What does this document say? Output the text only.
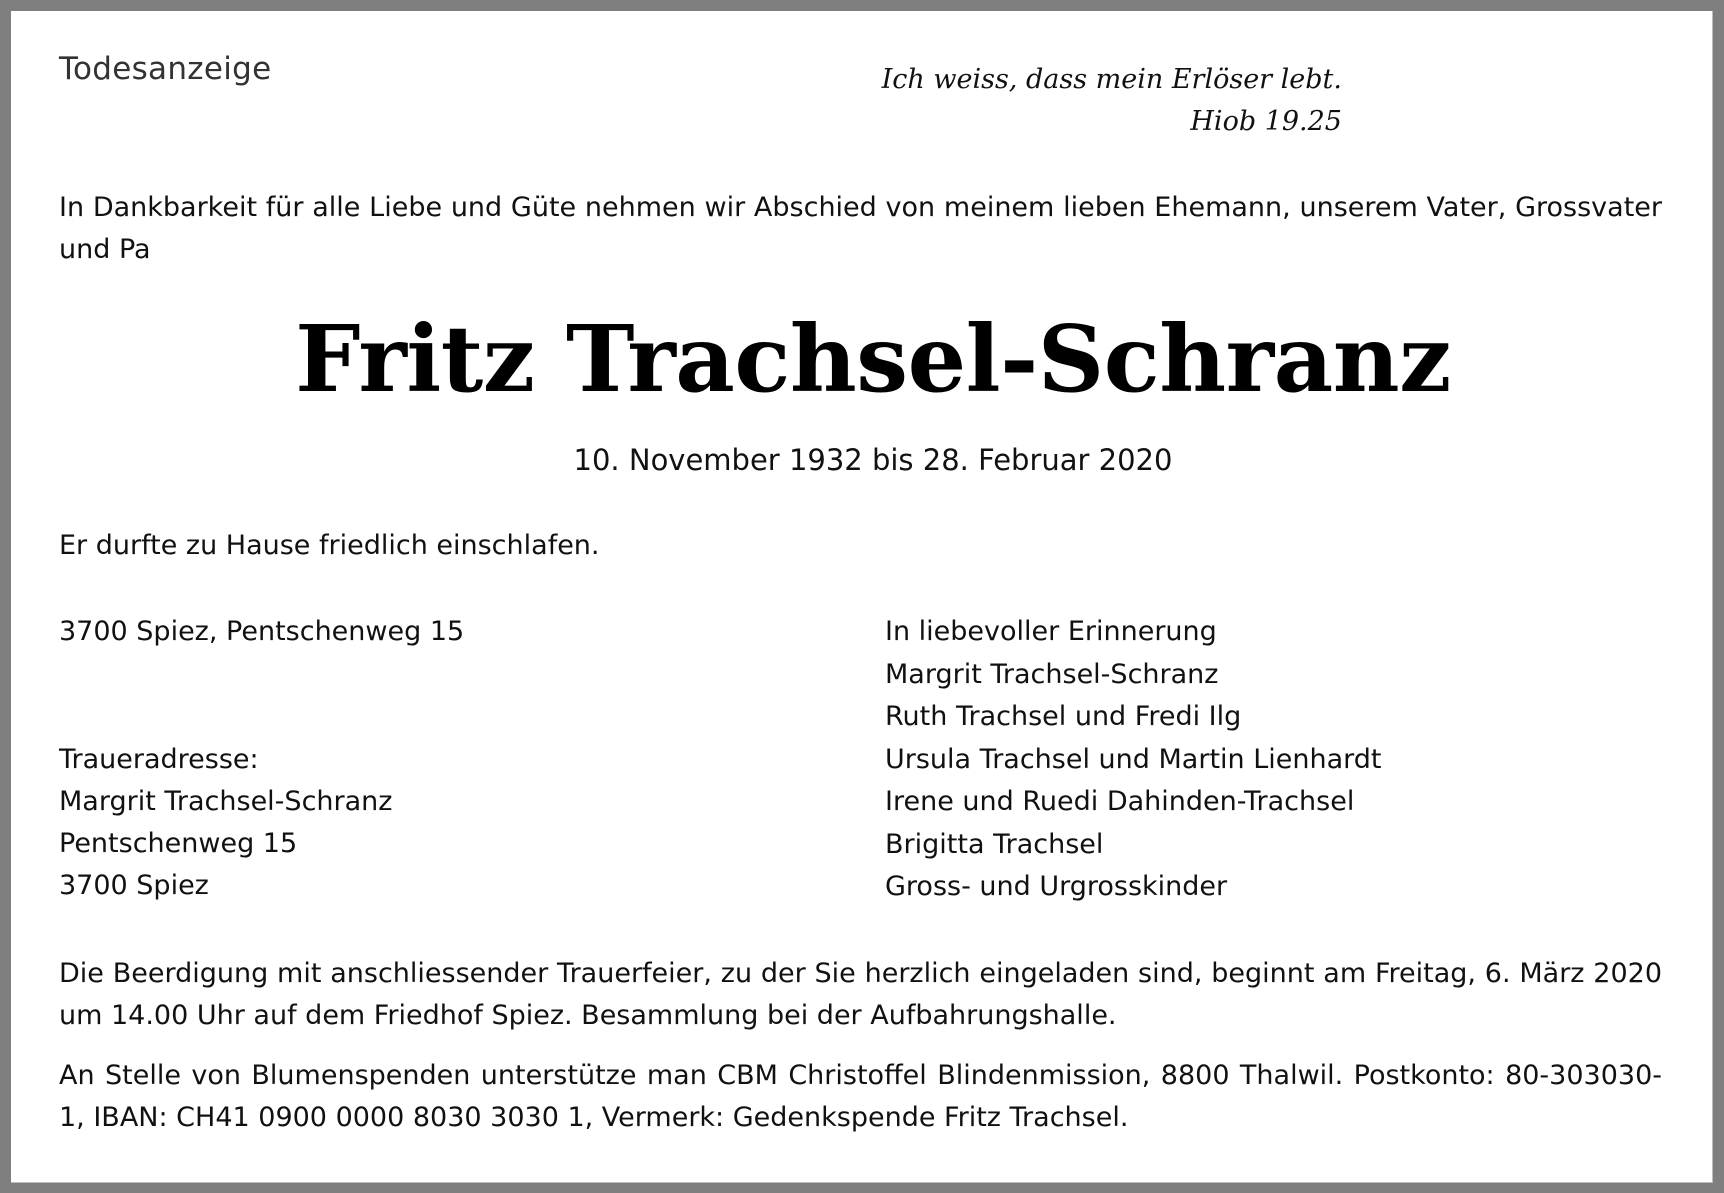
Todesanzeige	Ich weiss, dass mein Erlöser lebt.
Hiob 19.25

In Dankbarkeit für alle Liebe und Güte nehmen wir Abschied von meinem lieben Ehemann, unserem Vater, Grossvater und Pa

Fritz Trachsel-Schranz

10. November 1932 bis 28. Februar 2020

Er durfte zu Hause friedlich einschlafen.

3700 Spiez, Pentschenweg 15

Traueradresse:
Margrit Trachsel-Schranz
Pentschenweg 15
3700 Spiez
In liebevoller Erinnerung
Margrit Trachsel-Schranz
Ruth Trachsel und Fredi Ilg
Ursula Trachsel und Martin Lienhardt
Irene und Ruedi Dahinden-Trachsel
Brigitta Trachsel
Gross- und Urgrosskinder

Die Beerdigung mit anschliessender Trauerfeier, zu der Sie herzlich eingeladen sind, beginnt am Freitag, 6. März 2020 um 14.00 Uhr auf dem Friedhof Spiez. Besammlung bei der Aufbahrungshalle.

An Stelle von Blumenspenden unterstütze man CBM Christoffel Blindenmission, 8800 Thalwil. Postkonto: 80-303030-1, IBAN: CH41 0900 0000 8030 3030 1, Vermerk: Gedenkspende Fritz Trachsel.
